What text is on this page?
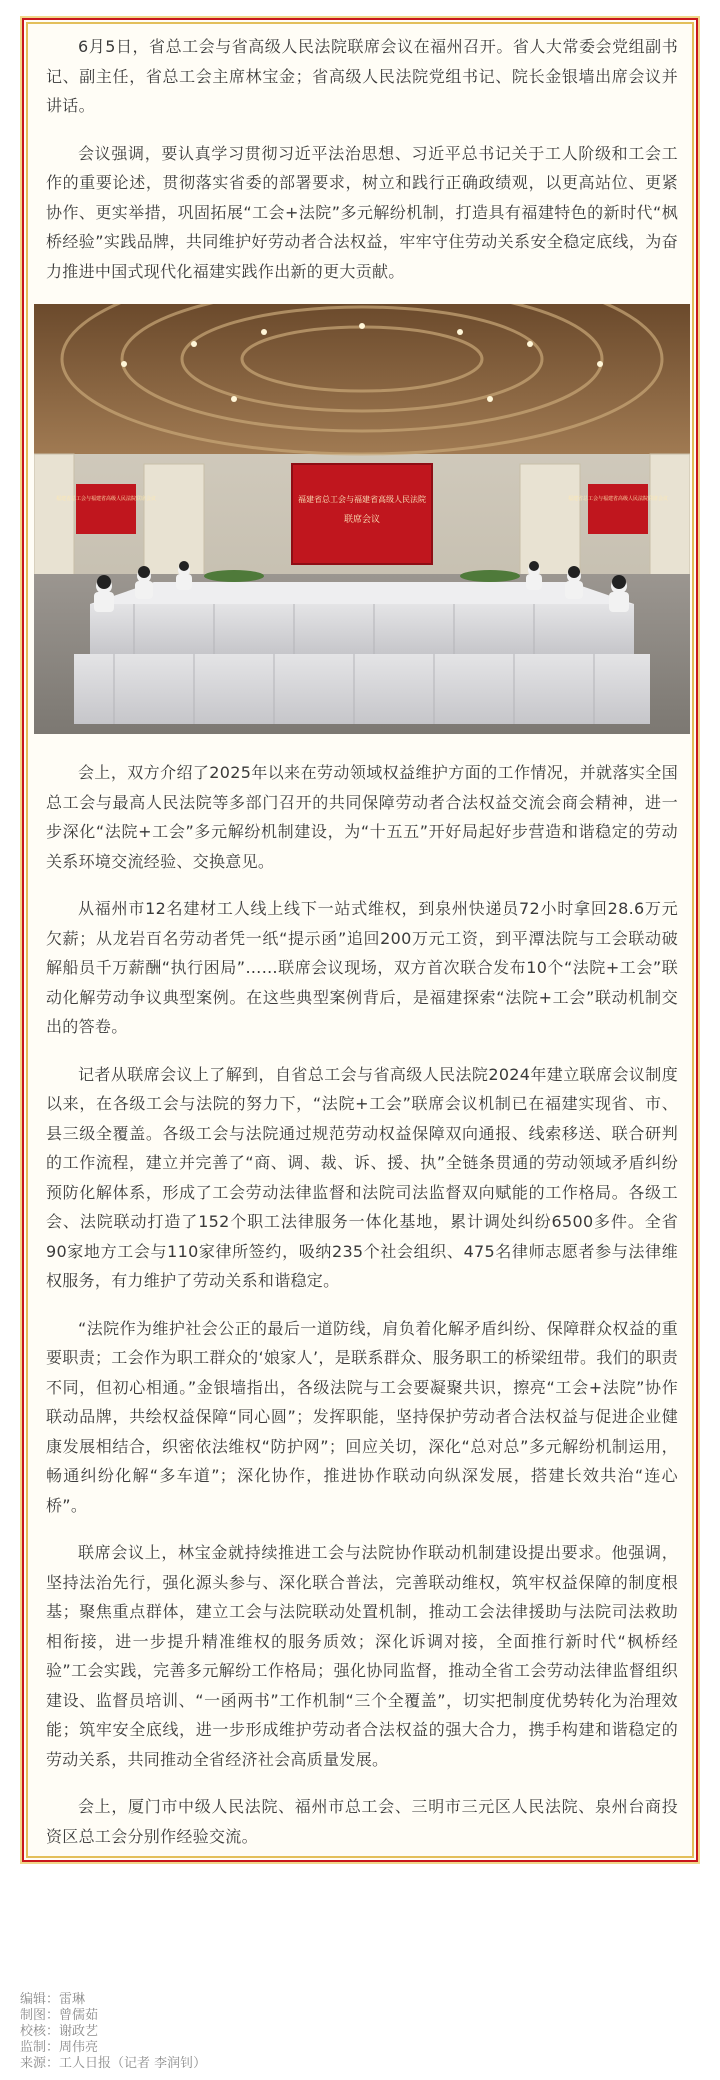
6月5日，省总工会与省高级人民法院联席会议在福州召开。省人大常委会党组副书记、副主任，省总工会主席林宝金；省高级人民法院党组书记、院长金银墙出席会议并讲话。

会议强调，要认真学习贯彻习近平法治思想、习近平总书记关于工人阶级和工会工作的重要论述，贯彻落实省委的部署要求，树立和践行正确政绩观，以更高站位、更紧协作、更实举措，巩固拓展“工会+法院”多元解纷机制，打造具有福建特色的新时代“枫桥经验”实践品牌，共同维护好劳动者合法权益，牢牢守住劳动关系安全稳定底线，为奋力推进中国式现代化福建实践作出新的更大贡献。

福建省总工会与福建省高级人民法院联席会议	福建省总工会与福建省高级人民法院联席会议
福建省总工会与福建省高级人民法院
联席会议

会上，双方介绍了2025年以来在劳动领域权益维护方面的工作情况，并就落实全国总工会与最高人民法院等多部门召开的共同保障劳动者合法权益交流会商会精神，进一步深化“法院+工会”多元解纷机制建设，为“十五五”开好局起好步营造和谐稳定的劳动关系环境交流经验、交换意见。

从福州市12名建材工人线上线下一站式维权，到泉州快递员72小时拿回28.6万元欠薪；从龙岩百名劳动者凭一纸“提示函”追回200万元工资，到平潭法院与工会联动破解船员千万薪酬“执行困局”……联席会议现场，双方首次联合发布10个“法院+工会”联动化解劳动争议典型案例。在这些典型案例背后，是福建探索“法院+工会”联动机制交出的答卷。

记者从联席会议上了解到，自省总工会与省高级人民法院2024年建立联席会议制度以来，在各级工会与法院的努力下，“法院+工会”联席会议机制已在福建实现省、市、县三级全覆盖。各级工会与法院通过规范劳动权益保障双向通报、线索移送、联合研判的工作流程，建立并完善了“商、调、裁、诉、援、执”全链条贯通的劳动领域矛盾纠纷预防化解体系，形成了工会劳动法律监督和法院司法监督双向赋能的工作格局。各级工会、法院联动打造了152个职工法律服务一体化基地，累计调处纠纷6500多件。全省90家地方工会与110家律所签约，吸纳235个社会组织、475名律师志愿者参与法律维权服务，有力维护了劳动关系和谐稳定。

“法院作为维护社会公正的最后一道防线，肩负着化解矛盾纠纷、保障群众权益的重要职责；工会作为职工群众的‘娘家人’，是联系群众、服务职工的桥梁纽带。我们的职责不同，但初心相通。”金银墙指出，各级法院与工会要凝聚共识，擦亮“工会+法院”协作联动品牌，共绘权益保障“同心圆”；发挥职能，坚持保护劳动者合法权益与促进企业健康发展相结合，织密依法维权“防护网”；回应关切，深化“总对总”多元解纷机制运用，畅通纠纷化解“多车道”；深化协作，推进协作联动向纵深发展，搭建长效共治“连心桥”。

联席会议上，林宝金就持续推进工会与法院协作联动机制建设提出要求。他强调，坚持法治先行，强化源头参与、深化联合普法，完善联动维权，筑牢权益保障的制度根基；聚焦重点群体，建立工会与法院联动处置机制，推动工会法律援助与法院司法救助相衔接，进一步提升精准维权的服务质效；深化诉调对接，全面推行新时代“枫桥经验”工会实践，完善多元解纷工作格局；强化协同监督，推动全省工会劳动法律监督组织建设、监督员培训、“一函两书”工作机制“三个全覆盖”，切实把制度优势转化为治理效能；筑牢安全底线，进一步形成维护劳动者合法权益的强大合力，携手构建和谐稳定的劳动关系，共同推动全省经济社会高质量发展。

会上，厦门市中级人民法院、福州市总工会、三明市三元区人民法院、泉州台商投资区总工会分别作经验交流。

编辑：雷琳

制图：曾儒茹

校核：谢政艺

监制：周伟亮

来源：工人日报（记者 李润钊）
